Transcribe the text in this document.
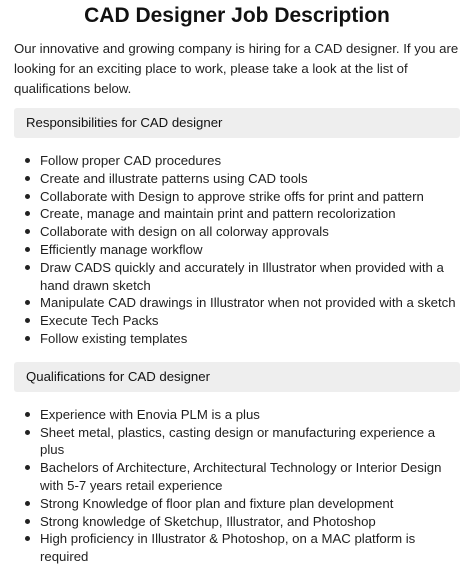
CAD Designer Job Description

Our innovative and growing company is hiring for a CAD designer. If you are looking for an exciting place to work, please take a look at the list of qualifications below.

Responsibilities for CAD designer
Follow proper CAD procedures
Create and illustrate patterns using CAD tools
Collaborate with Design to approve strike offs for print and pattern
Create, manage and maintain print and pattern recolorization
Collaborate with design on all colorway approvals
Efficiently manage workflow
Draw CADS quickly and accurately in Illustrator when provided with a hand drawn sketch
Manipulate CAD drawings in Illustrator when not provided with a sketch
Execute Tech Packs
Follow existing templates
Qualifications for CAD designer
Experience with Enovia PLM is a plus
Sheet metal, plastics, casting design or manufacturing experience a plus
Bachelors of Architecture, Architectural Technology or Interior Design with 5-7 years retail experience
Strong Knowledge of floor plan and fixture plan development
Strong knowledge of Sketchup, Illustrator, and Photoshop
High proficiency in Illustrator & Photoshop, on a MAC platform is required
